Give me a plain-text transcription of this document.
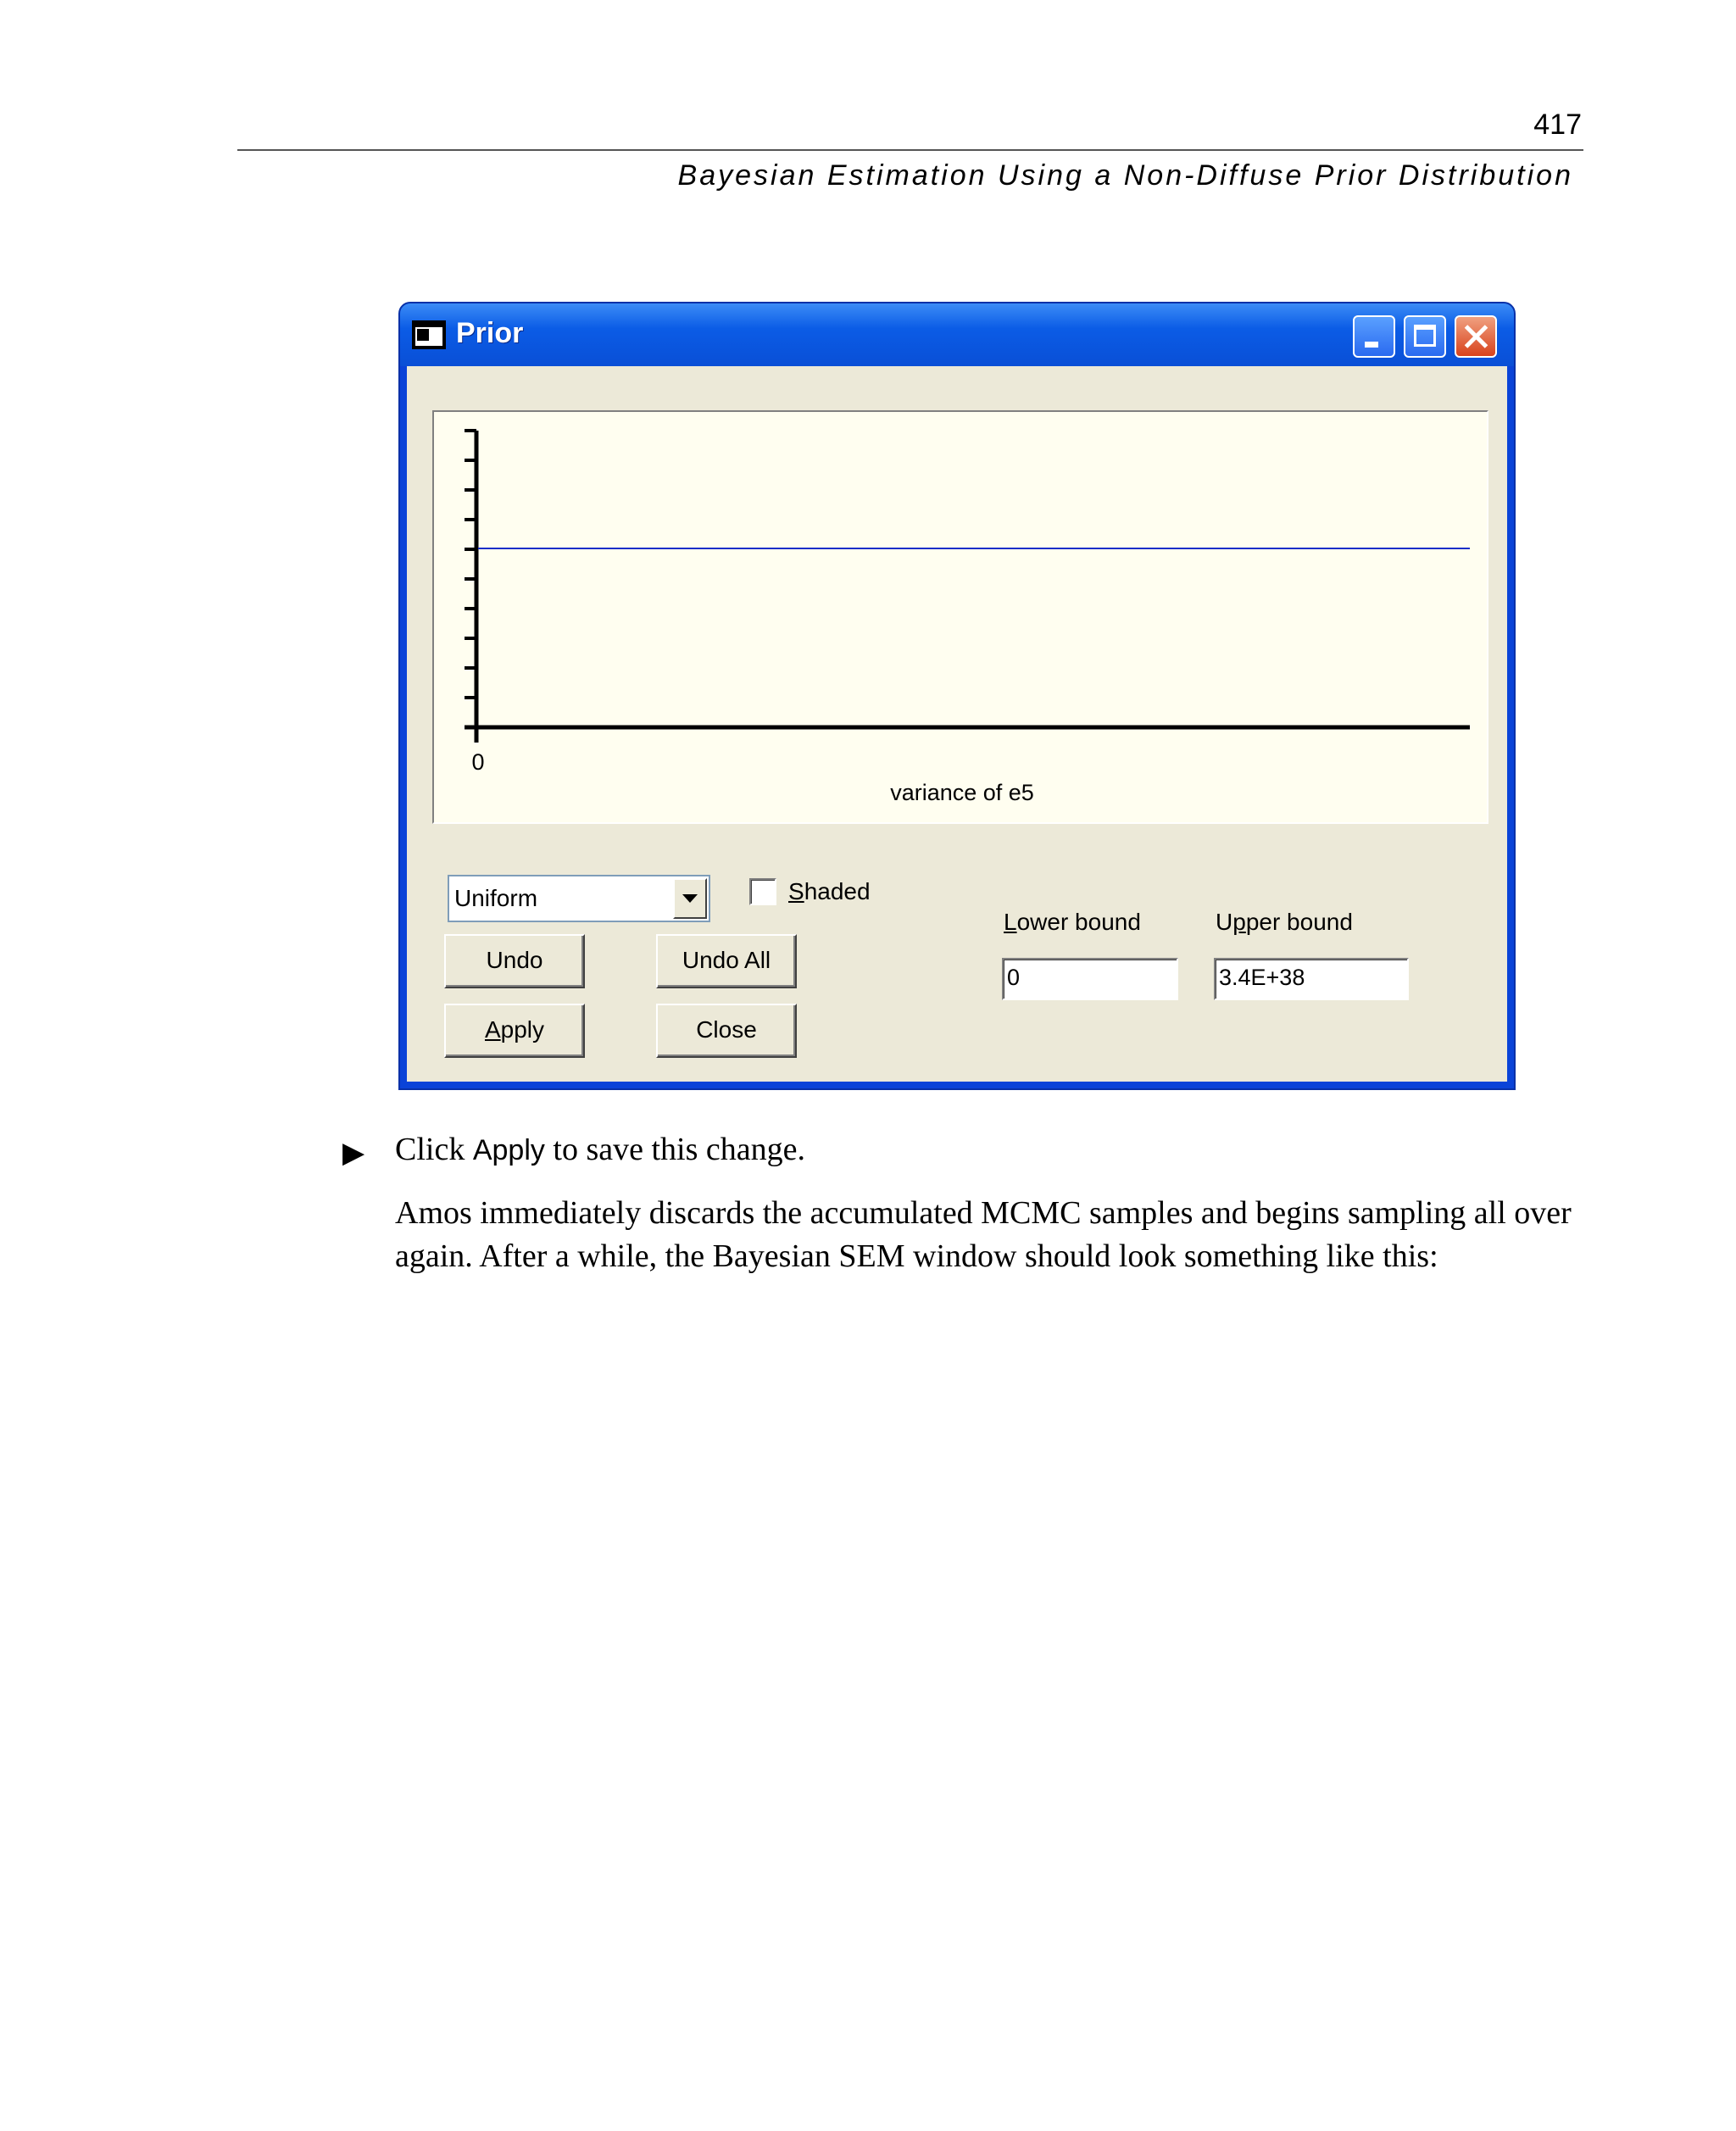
417
Bayesian Estimation Using a Non-Diffuse Prior Distribution
Prior
0
variance of e5
Uniform	Shaded
Undo	Undo All
Apply	Close
Lower bound	Upper bound
0	3.4E+38
▶ Click Apply to save this change.
Amos immediately discards the accumulated MCMC samples and begins sampling all over again. After a while, the Bayesian SEM window should look something like this:
